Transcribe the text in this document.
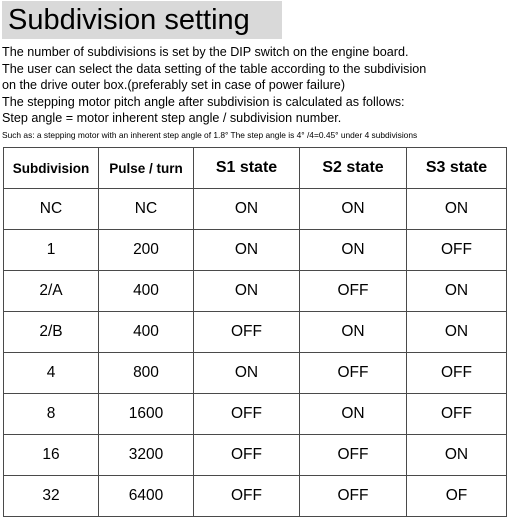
Subdivision setting
The number of subdivisions is set by the DIP switch on the engine board.
The user can select the data setting of the table according to the subdivision
on the drive outer box.(preferably set in case of power failure)
The stepping motor pitch angle after subdivision is calculated as follows:
Step angle = motor inherent step angle / subdivision number.
Such as: a stepping motor with an inherent step angle of 1.8° The step angle is 4° /4=0.45° under 4 subdivisions
Subdivision	Pulse / turn	S1 state	S2 state	S3 state
NC	NC	ON	ON	ON
1	200	ON	ON	OFF
2/A	400	ON	OFF	ON
2/B	400	OFF	ON	ON
4	800	ON	OFF	OFF
8	1600	OFF	ON	OFF
16	3200	OFF	OFF	ON
32	6400	OFF	OFF	OF
